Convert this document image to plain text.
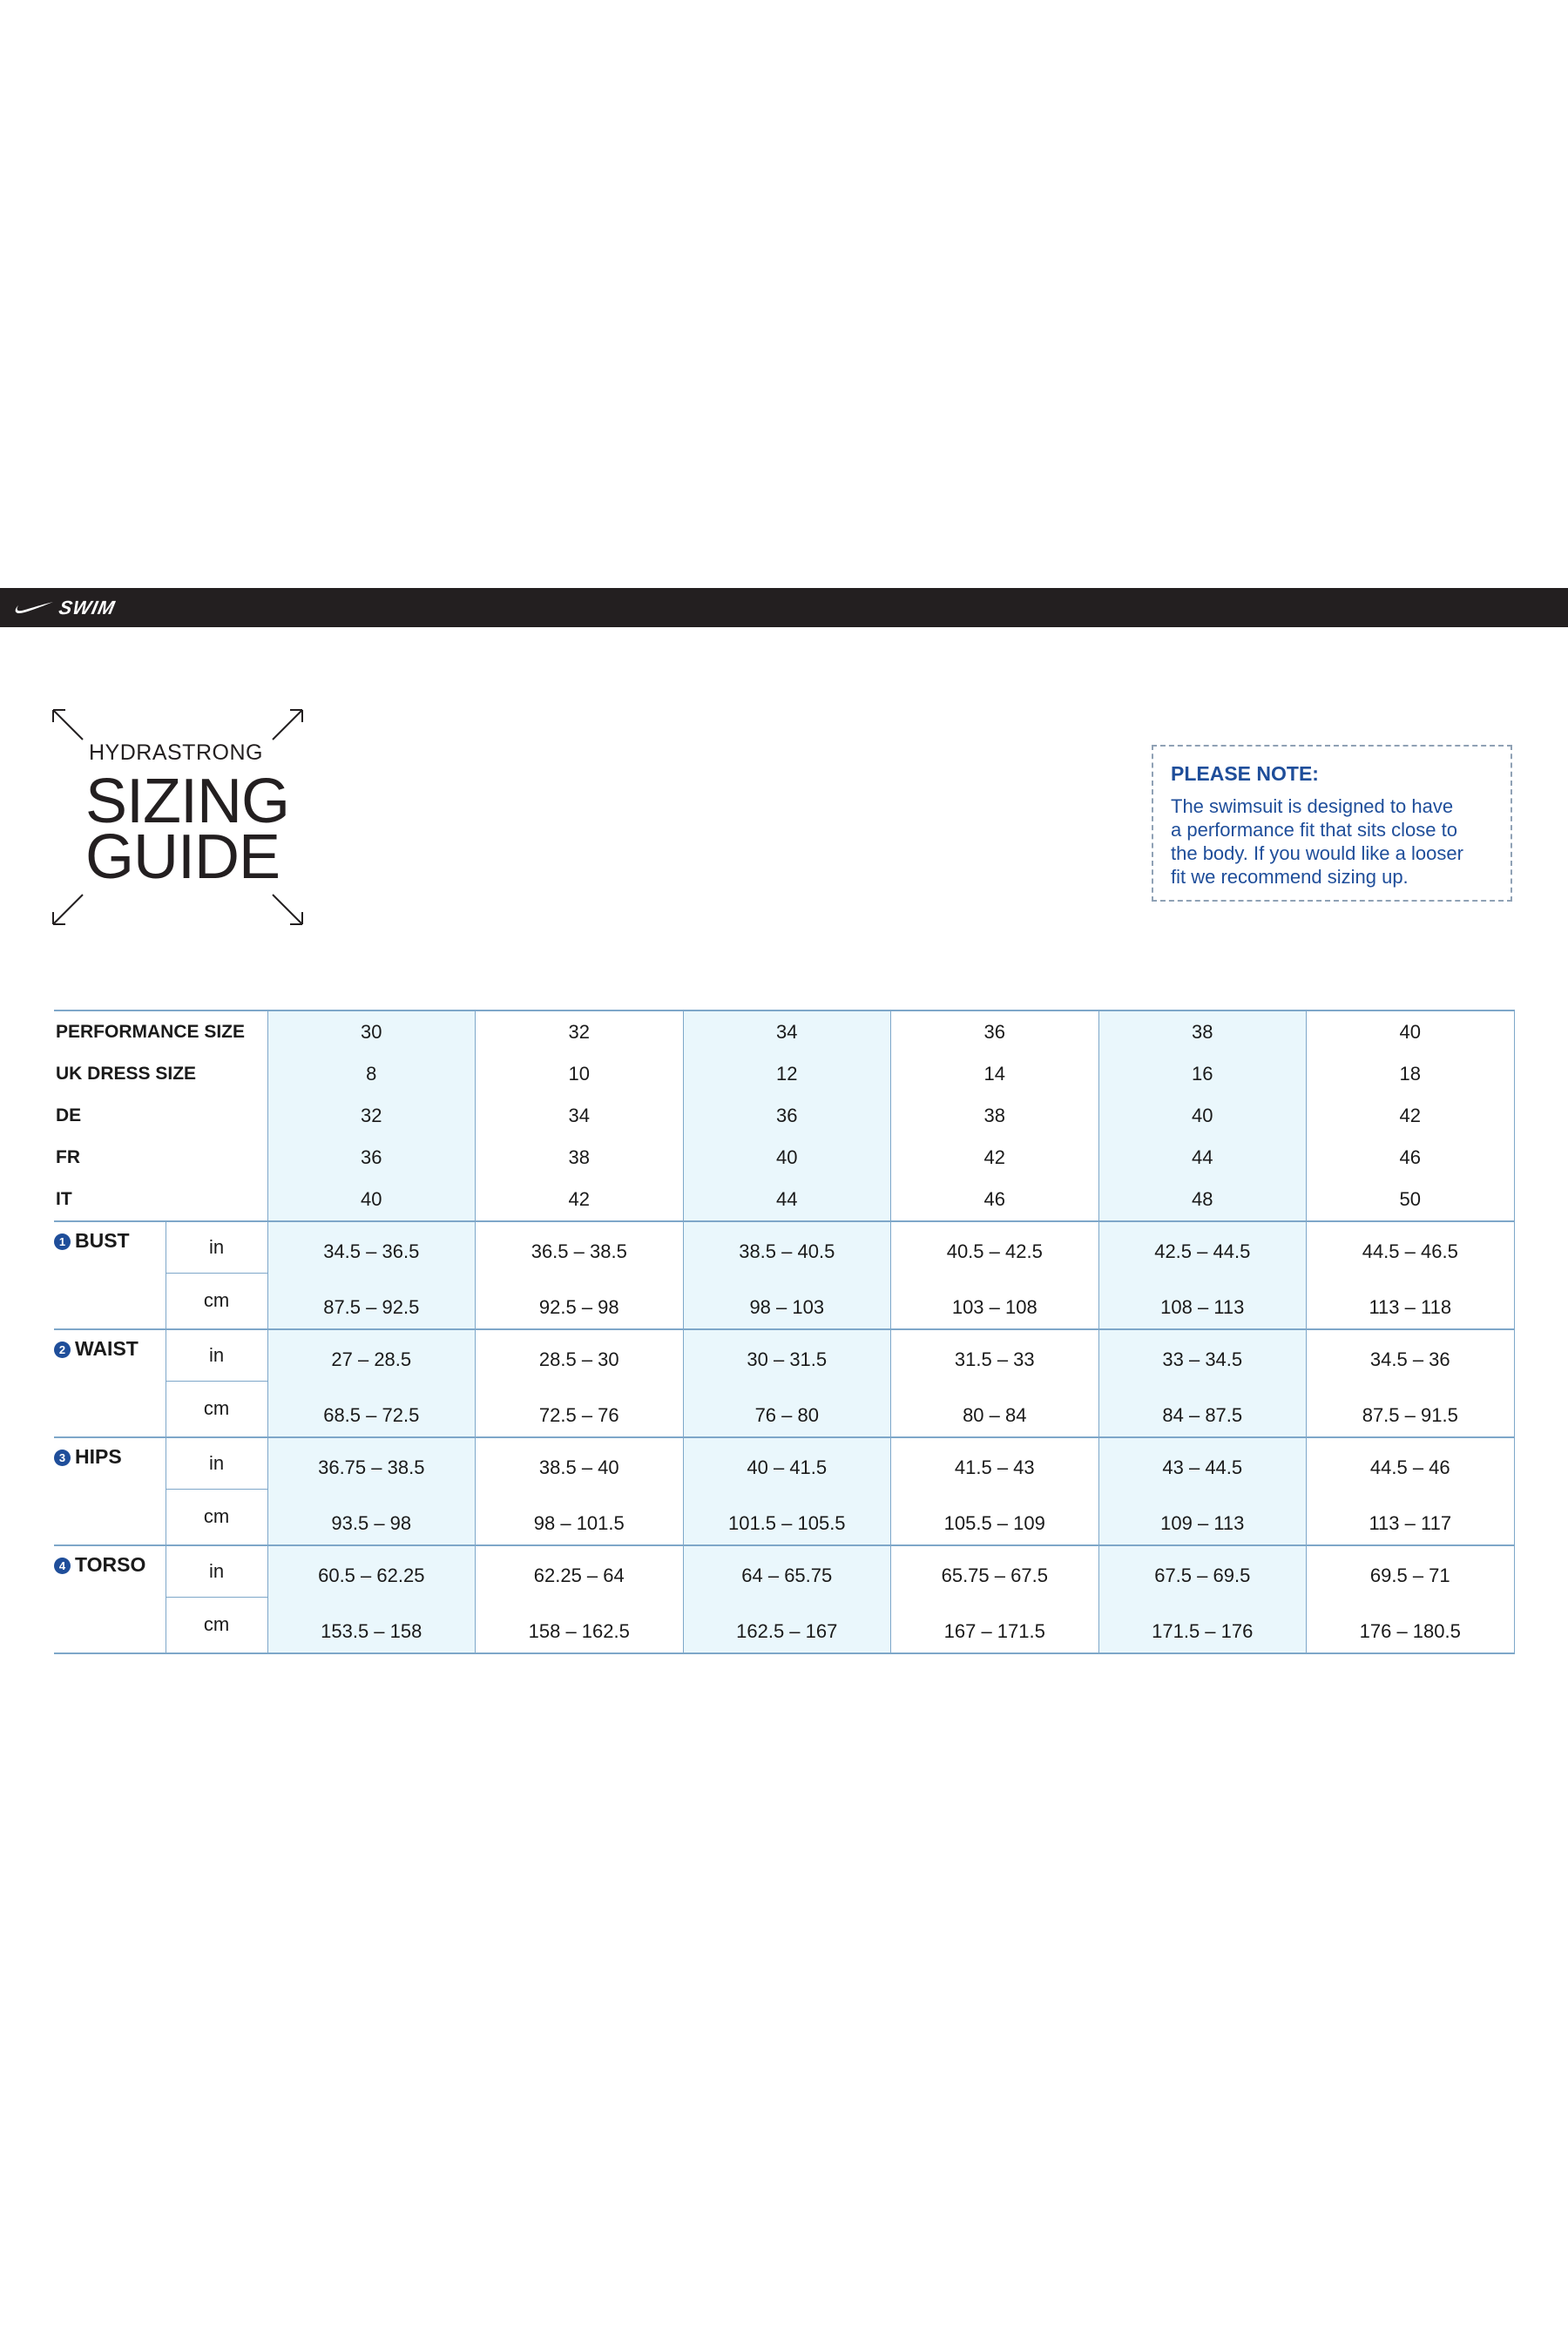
SWIM
HYDRASTRONG
SIZING
GUIDE
PLEASE NOTE:
The swimsuit is designed to have
a performance fit that sits close to
the body. If you would like a looser
fit we recommend sizing up.
PERFORMANCE SIZE		30	32	34	36	38	40
UK DRESS SIZE		8	10	12	14	16	18
DE		32	34	36	38	40	42
FR		36	38	40	42	44	46
IT		40	42	44	46	48	50
1 BUST	in	34.5 – 36.5	36.5 – 38.5	38.5 – 40.5	40.5 – 42.5	42.5 – 44.5	44.5 – 46.5
	cm	87.5 – 92.5	92.5 – 98	98 – 103	103 – 108	108 – 113	113 – 118
2 WAIST	in	27 – 28.5	28.5 – 30	30 – 31.5	31.5 – 33	33 – 34.5	34.5 – 36
	cm	68.5 – 72.5	72.5 – 76	76 – 80	80 – 84	84 – 87.5	87.5 – 91.5
3 HIPS	in	36.75 – 38.5	38.5 – 40	40 – 41.5	41.5 – 43	43 – 44.5	44.5 – 46
	cm	93.5 – 98	98 – 101.5	101.5 – 105.5	105.5 – 109	109 – 113	113 – 117
4 TORSO	in	60.5 – 62.25	62.25 – 64	64 – 65.75	65.75 – 67.5	67.5 – 69.5	69.5 – 71
	cm	153.5 – 158	158 – 162.5	162.5 – 167	167 – 171.5	171.5 – 176	176 – 180.5
